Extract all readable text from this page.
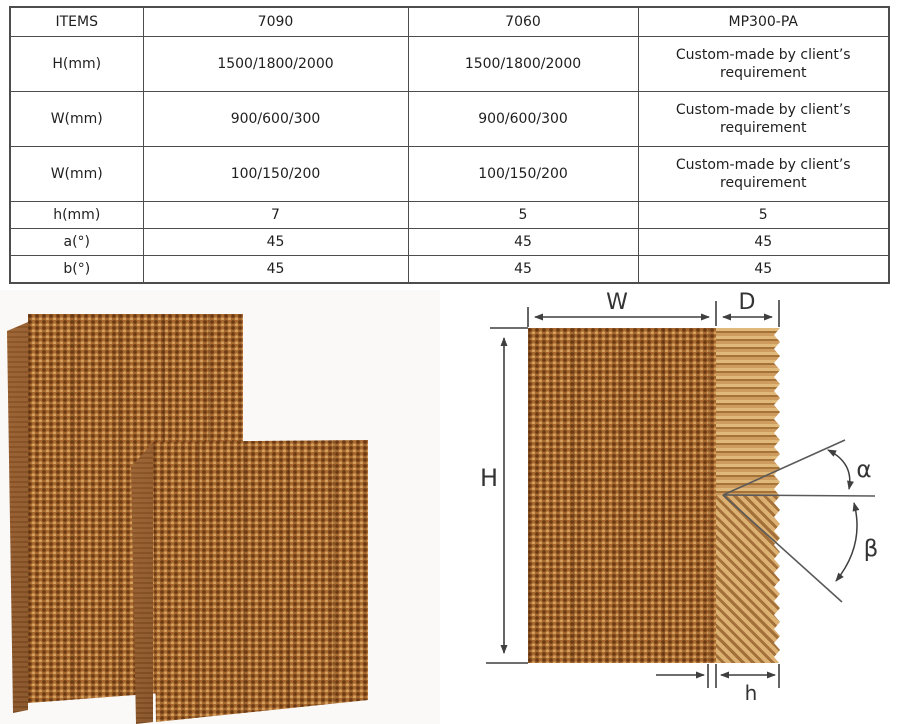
ITEMS	7090	7060	MP300-PA
H(mm)	1500/1800/2000	1500/1800/2000	Custom-made by client’s requirement
W(mm)	900/600/300	900/600/300	Custom-made by client’s requirement
W(mm)	100/150/200	100/150/200	Custom-made by client’s requirement
h(mm)	7	5	5
a(°)	45	45	45
b(°)	45	45	45
H
W	D
α
β
h
